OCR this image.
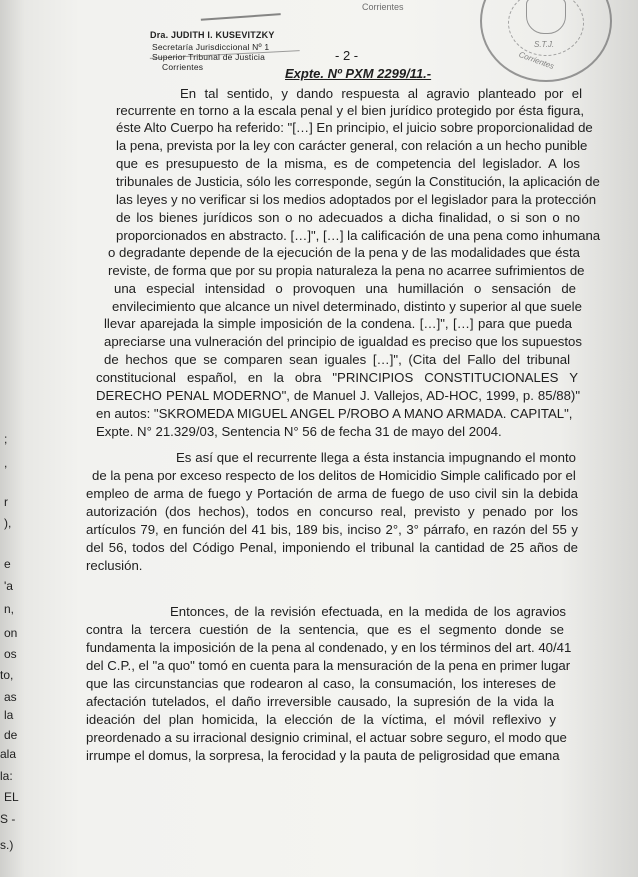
Corrientes
S.T.J.
Corrientes
Dra. JUDITH I. KUSEVITZKY
Secretaría Jurisdiccional Nº 1
Superior Tribunal de Justicia
Corrientes
- 2 -
Expte. Nº PXM 2299/11.-
En tal sentido, y dando respuesta al agravio planteado por el
recurrente en torno a la escala penal y el bien jurídico protegido por ésta figura,
éste Alto Cuerpo ha referido: "[…] En principio, el juicio sobre proporcionalidad de
la pena, prevista por la ley con carácter general, con relación a un hecho punible
que es presupuesto de la misma, es de competencia del legislador. A los
tribunales de Justicia, sólo les corresponde, según la Constitución, la aplicación de
las leyes y no verificar si los medios adoptados por el legislador para la protección
de los bienes jurídicos son o no adecuados a dicha finalidad, o si son o no
proporcionados en abstracto. […]", […] la calificación de una pena como inhumana
o degradante depende de la ejecución de la pena y de las modalidades que ésta
reviste, de forma que por su propia naturaleza la pena no acarree sufrimientos de
una especial intensidad o provoquen una humillación o sensación de
envilecimiento que alcance un nivel determinado, distinto y superior al que suele
llevar aparejada la simple imposición de la condena. […]", […] para que pueda
apreciarse una vulneración del principio de igualdad es preciso que los supuestos
de hechos que se comparen sean iguales […]", (Cita del Fallo del tribunal
constitucional español, en la obra "PRINCIPIOS CONSTITUCIONALES Y
DERECHO PENAL MODERNO", de Manuel J. Vallejos, AD-HOC, 1999, p. 85/88)"
en autos: "SKROMEDA MIGUEL ANGEL P/ROBO A MANO ARMADA. CAPITAL",
Expte. N° 21.329/03, Sentencia N° 56 de fecha 31 de mayo del 2004.
Es así que el recurrente llega a ésta instancia impugnando el monto
de la pena por exceso respecto de los delitos de Homicidio Simple calificado por el
empleo de arma de fuego y Portación de arma de fuego de uso civil sin la debida
autorización (dos hechos), todos en concurso real, previsto y penado por los
artículos 79, en función del 41 bis, 189 bis, inciso 2°, 3° párrafo, en razón del 55 y
del 56, todos del Código Penal, imponiendo el tribunal la cantidad de 25 años de
reclusión.
Entonces, de la revisión efectuada, en la medida de los agravios
contra la tercera cuestión de la sentencia, que es el segmento donde se
fundamenta la imposición de la pena al condenado, y en los términos del art. 40/41
del C.P., el "a quo" tomó en cuenta para la mensuración de la pena en primer lugar
que las circunstancias que rodearon al caso, la consumación, los intereses de
afectación tutelados, el daño irreversible causado, la supresión de la vida la
ideación del plan homicida, la elección de la víctima, el móvil reflexivo y
preordenado a su irracional designio criminal, el actuar sobre seguro, el modo que
irrumpe el domus, la sorpresa, la ferocidad y la pauta de peligrosidad que emana
;
,
r
),
e
'a
n,
on
os
to,
as
la
de
ala
la:
EL
S -
s.)
